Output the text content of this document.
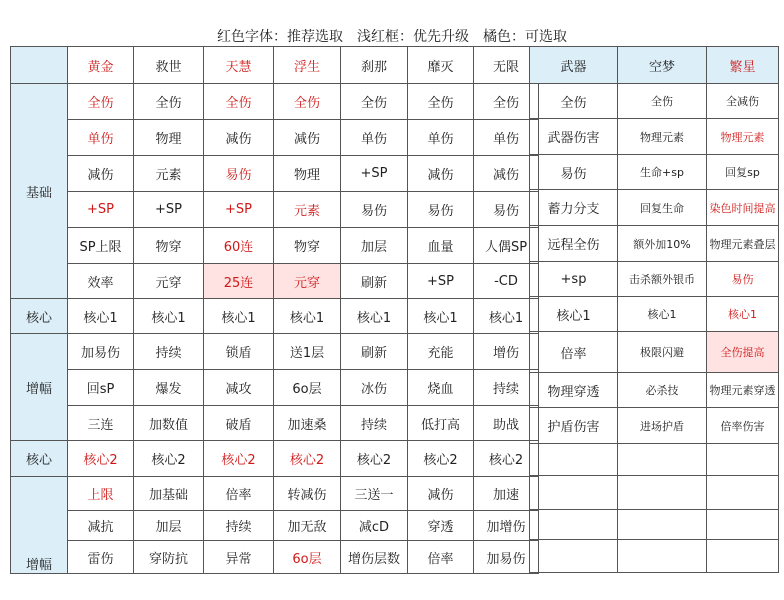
红色字体：推荐选取　浅红框：优先升级　橘色：可选取
	黄金	救世	天慧	浮生	刹那	靡灭	无限
基础	全伤	全伤	全伤	全伤	全伤	全伤	全伤
	单伤	物理	减伤	减伤	单伤	单伤	单伤
	减伤	元素	易伤	物理	+SP	减伤	减伤
	+SP	+SP	+SP	元素	易伤	易伤	易伤
	SP上限	物穿	60连	物穿	加层	血量	人偶SP
	效率	元穿	25连	元穿	刷新	+SP	-CD
核心	核心1	核心1	核心1	核心1	核心1	核心1	核心1
增幅	加易伤	持续	锁盾	送1层	刷新	充能	增伤
	回sP	爆发	减攻	6o层	冰伤	烧血	持续
	三连	加数值	破盾	加速桑	持续	低打高	助战
核心	核心2	核心2	核心2	核心2	核心2	核心2	核心2
增幅	上限	加基础	倍率	转减伤	三送一	减伤	加速
	减抗	加层	持续	加无敌	减cD	穿透	加增伤
	雷伤	穿防抗	异常	6o层	增伤层数	倍率	加易伤
武器	空梦	繁星
全伤	全伤	全减伤
武器伤害	物理元素	物理元素
易伤	生命+sp	回复sp
蓄力分支	回复生命	染色时间提高
远程全伤	额外加10%	物理元素叠层
+sp	击杀额外银币	易伤
核心1	核心1	核心1
倍率	极限闪避	全伤提高
物理穿透	必杀技	物理元素穿透
护盾伤害	进场护盾	倍率伤害
